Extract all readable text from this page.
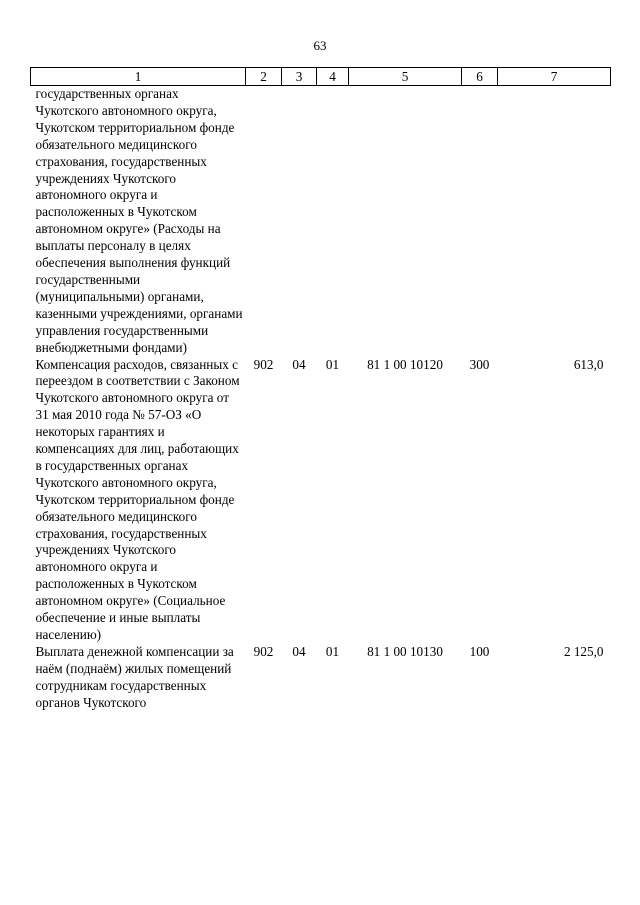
63
1	2	3	4	5	6	7
государственных органах Чукотского автономного округа, Чукотском территориальном фонде обязательного медицинского страхования, государственных учреждениях Чукотского автономного округа и расположенных в Чукотском автономном округе» (Расходы на выплаты персоналу в целях обеспечения выполнения функций государственными (муниципальными) органами, казенными учреждениями, органами управления государственными внебюджетными фондами)						
Компенсация расходов, связанных с переездом в соответствии с Законом Чукотского автономного округа от 31 мая 2010 года № 57-ОЗ «О некоторых гарантиях и компенсациях для лиц, работающих в государственных органах Чукотского автономного округа, Чукотском территориальном фонде обязательного медицинского страхования, государственных учреждениях Чукотского автономного округа и расположенных в Чукотском автономном округе» (Социальное обеспечение и иные выплаты населению)	902	04	01	81 1 00 10120	300	613,0
Выплата денежной компенсации за наём (поднаём) жилых помещений сотрудникам государственных органов Чукотского	902	04	01	81 1 00 10130	100	2 125,0
